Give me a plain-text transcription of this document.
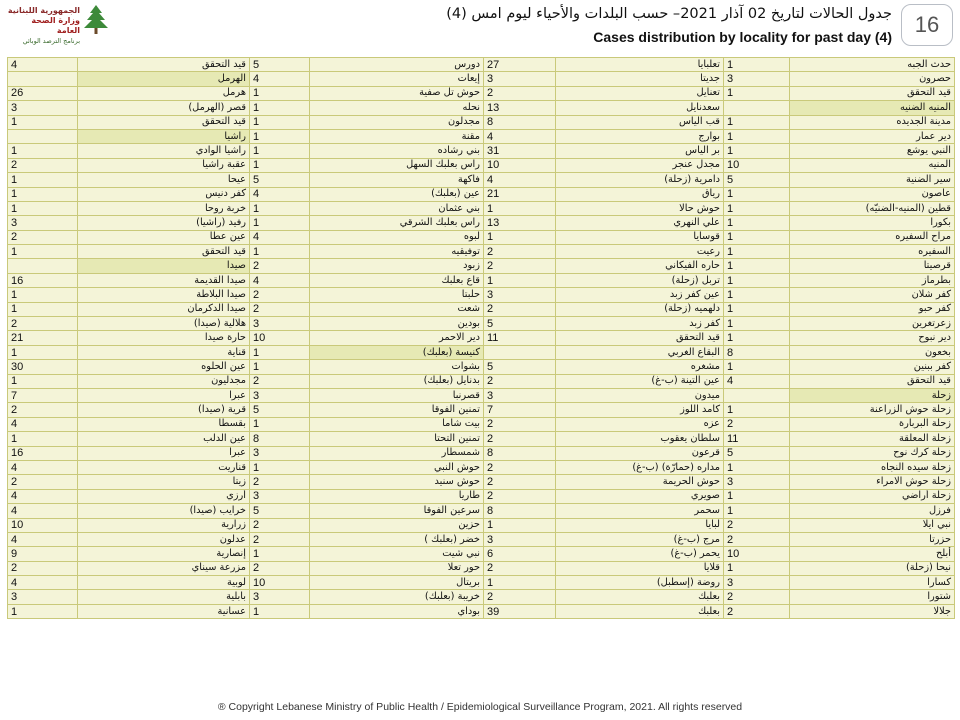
الجمهورية اللبنانية
وزارة الصحة العامة
برنامج الترصد الوبائي
جدول الحالات لتاريخ 02 آذار 2021– حسب البلدات والأحياء ليوم امس (4)
Cases distribution by locality for past day (4)	16
4	قيد التحقق	5	دورس	27	تعلبايا	1	حدث الجبه
	الهرمل	4	إيعات	3	جديتا	3	حصرون
26	هرمل	1	حوش تل صفية	2	تعنايل	1	قيد التحقق
3	قصر (الهرمل)	1	نحله	13	سعدنايل		المنيه الضنيه
1	قيد التحقق	1	مجدلون	8	قب الياس	1	مدينة الجديده
	راشيا	1	مقنة	4	بوارج	1	دير عمار
1	راشيا الوادي	1	بني رشاده	31	بر الياس	1	النبي يوشع
2	عقبة راشيا	1	راس بعلبك السهل	10	مجدل عنجر	10	المنيه
1	عيحا	5	فاكهة	4	دامرية (زحلة)	5	سير الضنية
1	كفر دنيس	4	عين (بعلبك)	21	رياق	1	عاصون
1	خربة روحا	1	بني عثمان	1	حوش حالا	1	قطين (المنيه-الضنيّه)
3	رفيد (راشيا)	1	راس بعلبك الشرقي	13	علي النهري	1	بكورا
2	عين عطا	4	لبوه	1	قوسايا	1	مراح السفيره
1	قيد التحقق	1	توفيقيه	2	رعيت	1	السفيره
	صيدا	2	زبود	2	حاره الفيكاني	1	قرصيتا
16	صيدا القديمة	4	قاع بعلبك	1	تربل (زحلة)	1	بطرماز
1	صيدا البلاطة	2	حلبتا	3	عين كفر زبد	1	كفر شلان
1	صيدا الدكرمان	2	شعت	2	دلهميه (زحلة)	1	كفر حبو
2	هلالية (صيدا)	3	بودين	5	كفر زبد	1	زعرتغرين
21	حارة صيدا	10	دير الاحمر	11	قيد التحقق	1	دير نبوح
1	قناية	1	كنيسة (بعلبك)		البقاع الغربي	8	بخعون
30	عين الحلوه	1	بشوات	5	مشغره	1	كفر ببنين
1	مجدليون	2	بدنايل (بعلبك)	2	عين التينة (ب-غ)	4	قيد التحقق
7	عبرا	3	قصرنبا	3	ميدون		زحلة
2	قرية (صيدا)	5	تمنين الفوقا	7	كامد اللوز	1	زحلة حوش الزراعنة
4	بقسطا	1	بيت شاما	2	عزه	2	زحلة البربارة
1	عين الدلب	8	تمنين التحتا	2	سلطان يعقوب	11	زحلة المعلقة
16	عبرا	3	شمسطار	8	قرعون	5	زحلة كرك نوح
4	قناريت	1	حوش النبي	2	مداره (حمارّة) (ب-غ)	1	زحلة سيده النجاه
2	زيتا	2	حوش سنيد	2	حوش الحريمة	3	زحلة حوش الامراء
4	أرزي	3	طاريا	2	صويري	1	زحلة أراضي
4	خرايب (صيدا)	5	سرعين الفوقا	8	سحمر	1	فرزل
10	زرارية	2	حزين	1	لبايا	2	نبي ايلا
4	عدلون	2	خضر (بعلبك )	3	مرج (ب-غ)	2	حزرتا
9	إنصارية	1	نبي شيت	6	يحمر (ب-غ)	10	أبلح
2	مزرعة سيناي	2	حور تعلا	2	قلايا	1	نيحا (زحلة)
4	لوبية	10	بريتال	1	روضة (إسطبل)	3	كسارا
3	بابلية	3	خريبة (بعلبك)	2	بعلبك	2	شتورا
1	عسانية	1	بوداي	39	بعلبك	2	جلالا
® Copyright Lebanese Ministry of Public Health / Epidemiological Surveillance Program, 2021. All rights reserved
